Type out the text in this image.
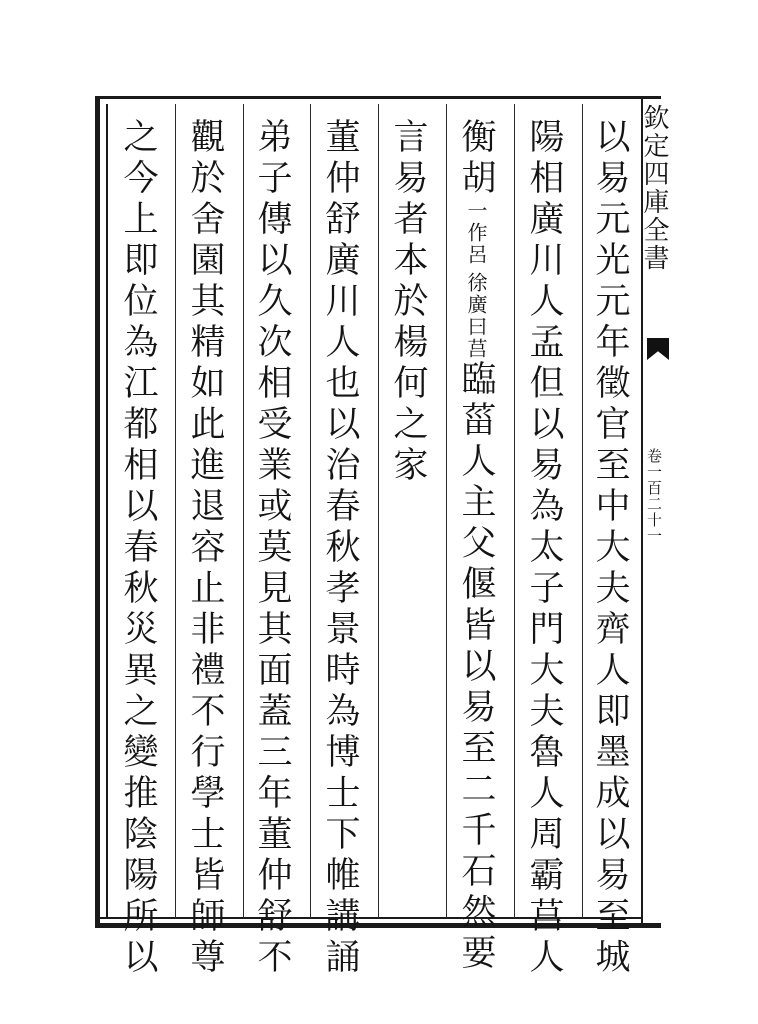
欽定四庫全書
卷一百二十一
以易元光元年徵官至中大夫齊人即墨成以易至城
陽相廣川人孟但以易為太子門大夫魯人周霸莒人
衡胡
徐廣曰莒
一作呂
臨菑人主父偃皆以易至二千石然要
言易者本於楊何之家
董仲舒廣川人也以治春秋孝景時為博士下帷講誦
弟子傳以久次相受業或莫見其面蓋三年董仲舒不
觀於舍園其精如此進退容止非禮不行學士皆師尊
之今上即位為江都相以春秋災異之變推陰陽所以
